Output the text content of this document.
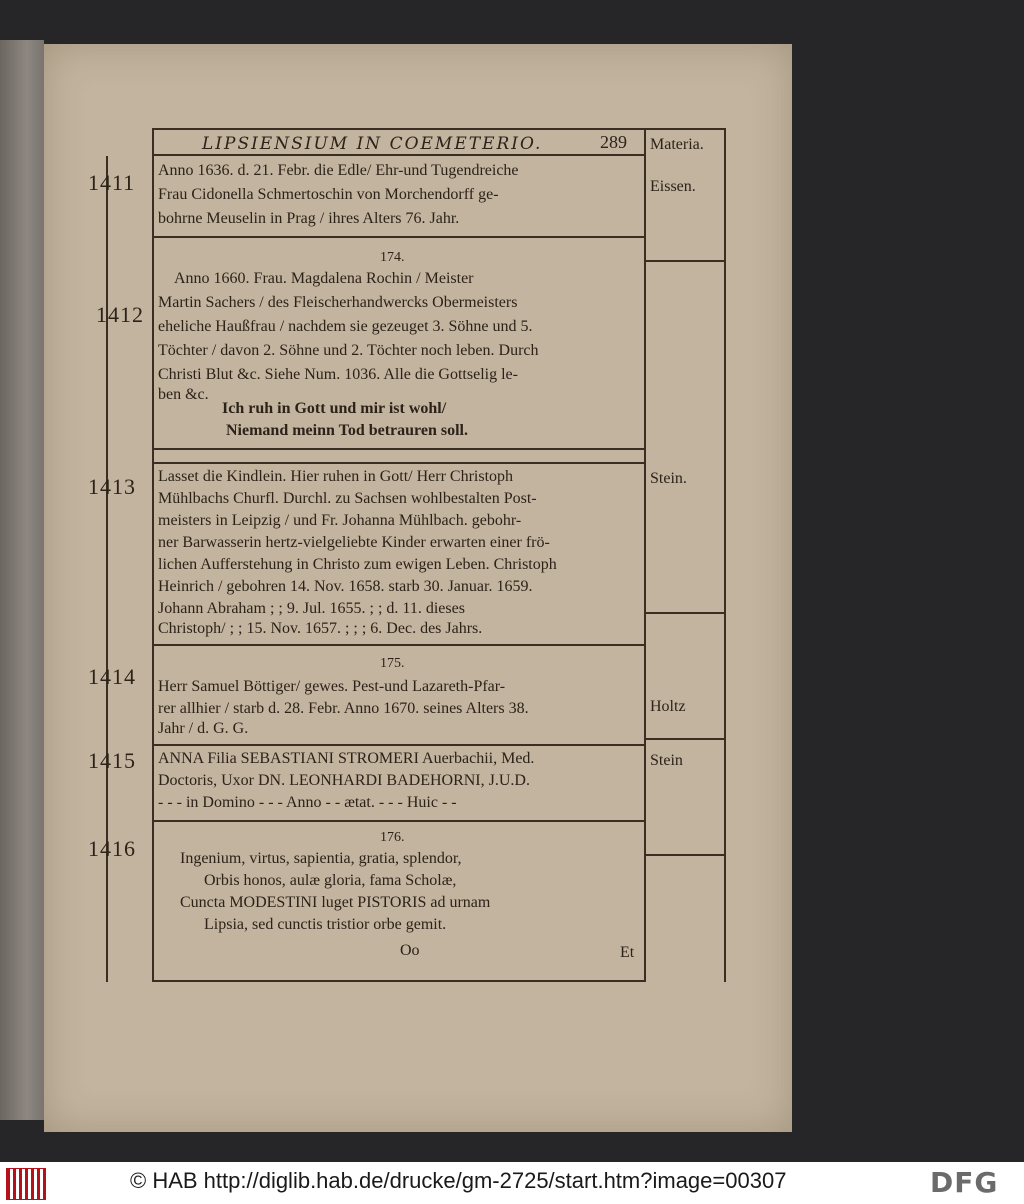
LIPSIENSIUM IN COEMETERIO.	289 Materia.
1411 Anno 1636. d. 21. Febr. die Edle/ Ehr-und Tugendreiche
Frau Cidonella Schmertoschin von Morchendorff ge-
bohrne Meuselin in Prag / ihres Alters 76. Jahr.
Eissen.
174.
1412
Anno 1660. Frau. Magdalena Rochin / Meister
Martin Sachers / des Fleischerhandwercks Obermeisters
eheliche Haußfrau / nachdem sie gezeuget 3. Söhne und 5.
Töchter / davon 2. Söhne und 2. Töchter noch leben. Durch
Christi Blut &c. Siehe Num. 1036. Alle die Gottselig le-
ben &c.
Ich ruh in Gott und mir ist wohl/
Niemand meinn Tod betrauren soll.
1413 Lasset die Kindlein. Hier ruhen in Gott/ Herr Christoph
Mühlbachs Churfl. Durchl. zu Sachsen wohlbestalten Post-
meisters in Leipzig / und Fr. Johanna Mühlbach. gebohr-
ner Barwasserin hertz-vielgeliebte Kinder erwarten einer frö-
lichen Aufferstehung in Christo zum ewigen Leben. Christoph
Heinrich / gebohren 14. Nov. 1658. starb 30. Januar. 1659.
Johann Abraham ; ; 9. Jul. 1655. ; ; d. 11. dieses
Christoph/ ; ; 15. Nov. 1657. ; ; ; 6. Dec. des Jahrs.
Stein.
175.
1414 Herr Samuel Böttiger/ gewes. Pest-und Lazareth-Pfar-
rer allhier / starb d. 28. Febr. Anno 1670. seines Alters 38.
Jahr / d. G. G.
Holtz
1415 ANNA Filia SEBASTIANI STROMERI Auerbachii, Med.
Doctoris, Uxor DN. LEONHARDI BADEHORNI, J.U.D.
- - - in Domino - - - Anno - - ætat. - - - Huic - -
Stein
1416	176.
Ingenium, virtus, sapientia, gratia, splendor,
Orbis honos, aulæ gloria, fama Scholæ,
Cuncta MODESTINI luget PISTORIS ad urnam
Lipsia, sed cunctis tristior orbe gemit.
Oo	Et
© HAB http://diglib.hab.de/drucke/gm-2725/start.htm?image=00307	DFG
